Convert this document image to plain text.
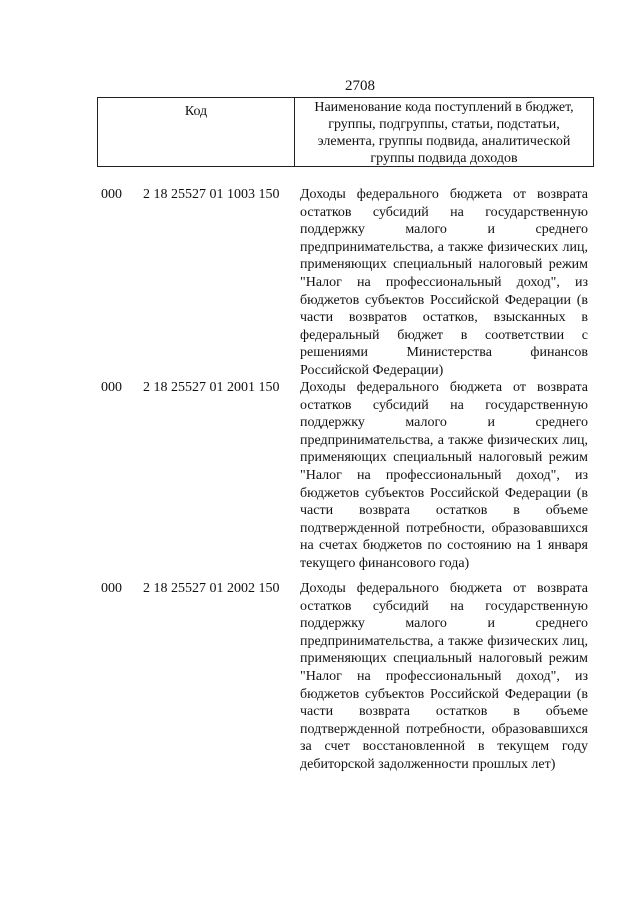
2708
Код	Наименование кода поступлений в бюджет, группы, подгруппы, статьи, подстатьи, элемента, группы подвида, аналитической группы подвида доходов
000 2 18 25527 01 1003 150 Доходы федерального бюджета от возврата остатков субсидий на государственную поддержку малого и среднего предпринимательства, а также физических лиц, применяющих специальный налоговый режим "Налог на профессиональный доход", из бюджетов субъектов Российской Федерации (в части возвратов остатков, взысканных в федеральный бюджет в соответствии с решениями Министерства финансов Российской Федерации)
000 2 18 25527 01 2001 150 Доходы федерального бюджета от возврата остатков субсидий на государственную поддержку малого и среднего предпринимательства, а также физических лиц, применяющих специальный налоговый режим "Налог на профессиональный доход", из бюджетов субъектов Российской Федерации (в части возврата остатков в объеме подтвержденной потребности, образовавшихся на счетах бюджетов по состоянию на 1 января текущего финансового года)
000 2 18 25527 01 2002 150 Доходы федерального бюджета от возврата остатков субсидий на государственную поддержку малого и среднего предпринимательства, а также физических лиц, применяющих специальный налоговый режим "Налог на профессиональный доход", из бюджетов субъектов Российской Федерации (в части возврата остатков в объеме подтвержденной потребности, образовавшихся за счет восстановленной в текущем году дебиторской задолженности прошлых лет)
